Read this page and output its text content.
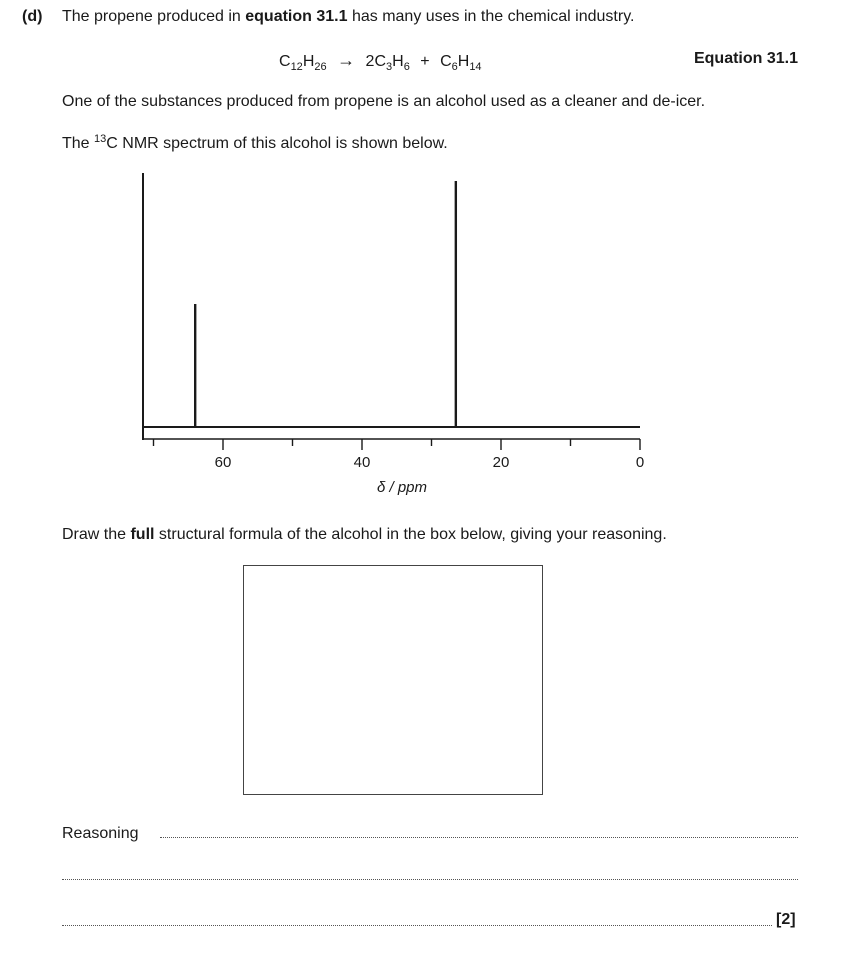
(d) The propene produced in equation 31.1 has many uses in the chemical industry.
$C_{12}H_{26} \to 2C_3H_6 + C_6H_{14}$	Equation 31.1
One of the substances produced from propene is an alcohol used as a cleaner and de-icer.
The $^{13}$C NMR spectrum of this alcohol is shown below.
60	40	20	0
δ / ppm
Draw the full structural formula of the alcohol in the box below, giving your reasoning.
Reasoning
[2]
